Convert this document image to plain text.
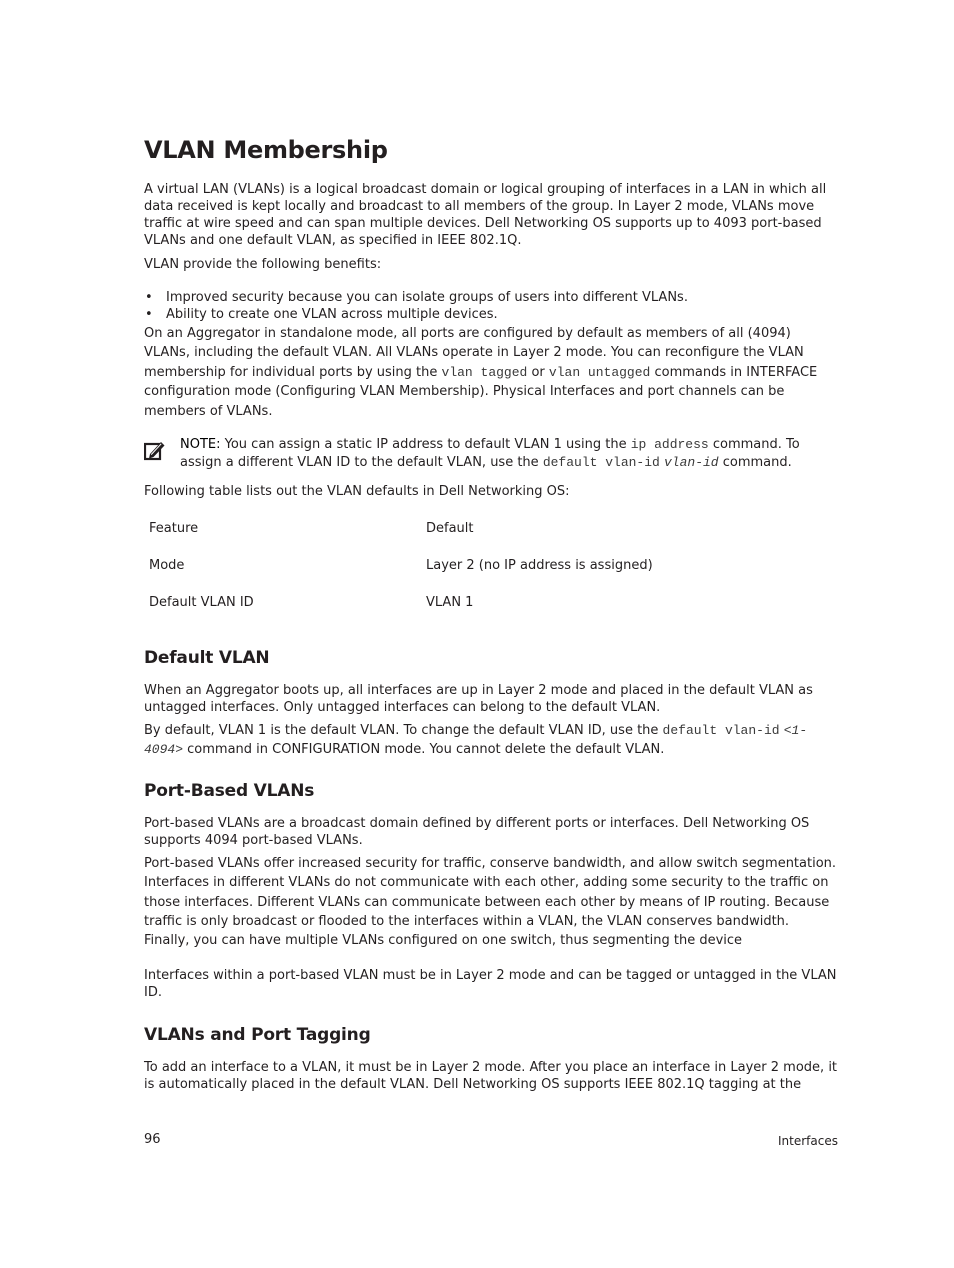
VLAN Membership

A virtual LAN (VLANs) is a logical broadcast domain or logical grouping of interfaces in a LAN in which all data received is kept locally and broadcast to all members of the group. In Layer 2 mode, VLANs move traffic at wire speed and can span multiple devices. Dell Networking OS supports up to 4093 port-based VLANs and one default VLAN, as specified in IEEE 802.1Q.

VLAN provide the following benefits:

• Improved security because you can isolate groups of users into different VLANs.
• Ability to create one VLAN across multiple devices.

On an Aggregator in standalone mode, all ports are configured by default as members of all (4094) VLANs, including the default VLAN. All VLANs operate in Layer 2 mode. You can reconfigure the VLAN membership for individual ports by using the vlan tagged or vlan untagged commands in INTERFACE configuration mode (Configuring VLAN Membership). Physical Interfaces and port channels can be members of VLANs.

NOTE: You can assign a static IP address to default VLAN 1 using the ip address command. To assign a different VLAN ID to the default VLAN, use the default vlan-id vlan-id command.

Following table lists out the VLAN defaults in Dell Networking OS:

Feature	Default
Mode	Layer 2 (no IP address is assigned)
Default VLAN ID	VLAN 1
Default VLAN

When an Aggregator boots up, all interfaces are up in Layer 2 mode and placed in the default VLAN as untagged interfaces. Only untagged interfaces can belong to the default VLAN.

By default, VLAN 1 is the default VLAN. To change the default VLAN ID, use the default vlan-id <1-4094> command in CONFIGURATION mode. You cannot delete the default VLAN.

Port-Based VLANs

Port-based VLANs are a broadcast domain defined by different ports or interfaces. Dell Networking OS supports 4094 port-based VLANs.

Port-based VLANs offer increased security for traffic, conserve bandwidth, and allow switch segmentation. Interfaces in different VLANs do not communicate with each other, adding some security to the traffic on those interfaces. Different VLANs can communicate between each other by means of IP routing. Because traffic is only broadcast or flooded to the interfaces within a VLAN, the VLAN conserves bandwidth. Finally, you can have multiple VLANs configured on one switch, thus segmenting the device

Interfaces within a port-based VLAN must be in Layer 2 mode and can be tagged or untagged in the VLAN ID.

VLANs and Port Tagging

To add an interface to a VLAN, it must be in Layer 2 mode. After you place an interface in Layer 2 mode, it is automatically placed in the default VLAN. Dell Networking OS supports IEEE 802.1Q tagging at the

96	Interfaces
